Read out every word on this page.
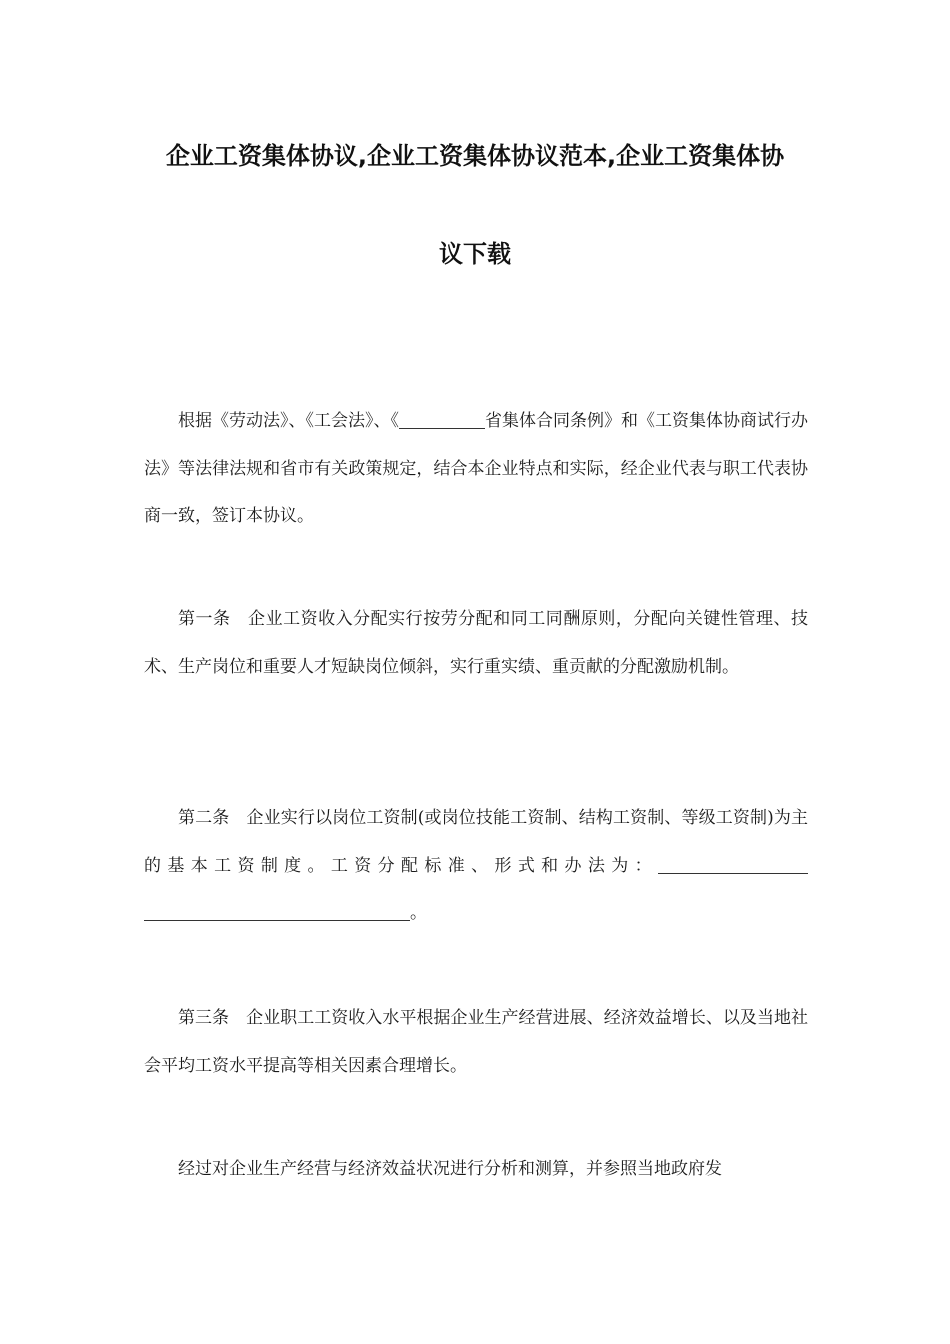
企业工资集体协议,企业工资集体协议范本,企业工资集体协
议下载

根据《劳动法》、《工会法》、《	省集体合同条例》和《工资集体协商试行办法》等法律法规和省市有关政策规定，结合本企业特点和实际，经企业代表与职工代表协商一致，签订本协议。

第一条　企业工资收入分配实行按劳分配和同工同酬原则，分配向关键性管理、技术、生产岗位和重要人才短缺岗位倾斜，实行重实绩、重贡献的分配激励机制。

第二条　企业实行以岗位工资制(或岗位技能工资制、结构工资制、等级工资制)为主的基本工资制度。工资分配标准、形式和办法为：。

第三条　企业职工工资收入水平根据企业生产经营进展、经济效益增长、以及当地社会平均工资水平提高等相关因素合理增长。

经过对企业生产经营与经济效益状况进行分析和测算，并参照当地政府发
